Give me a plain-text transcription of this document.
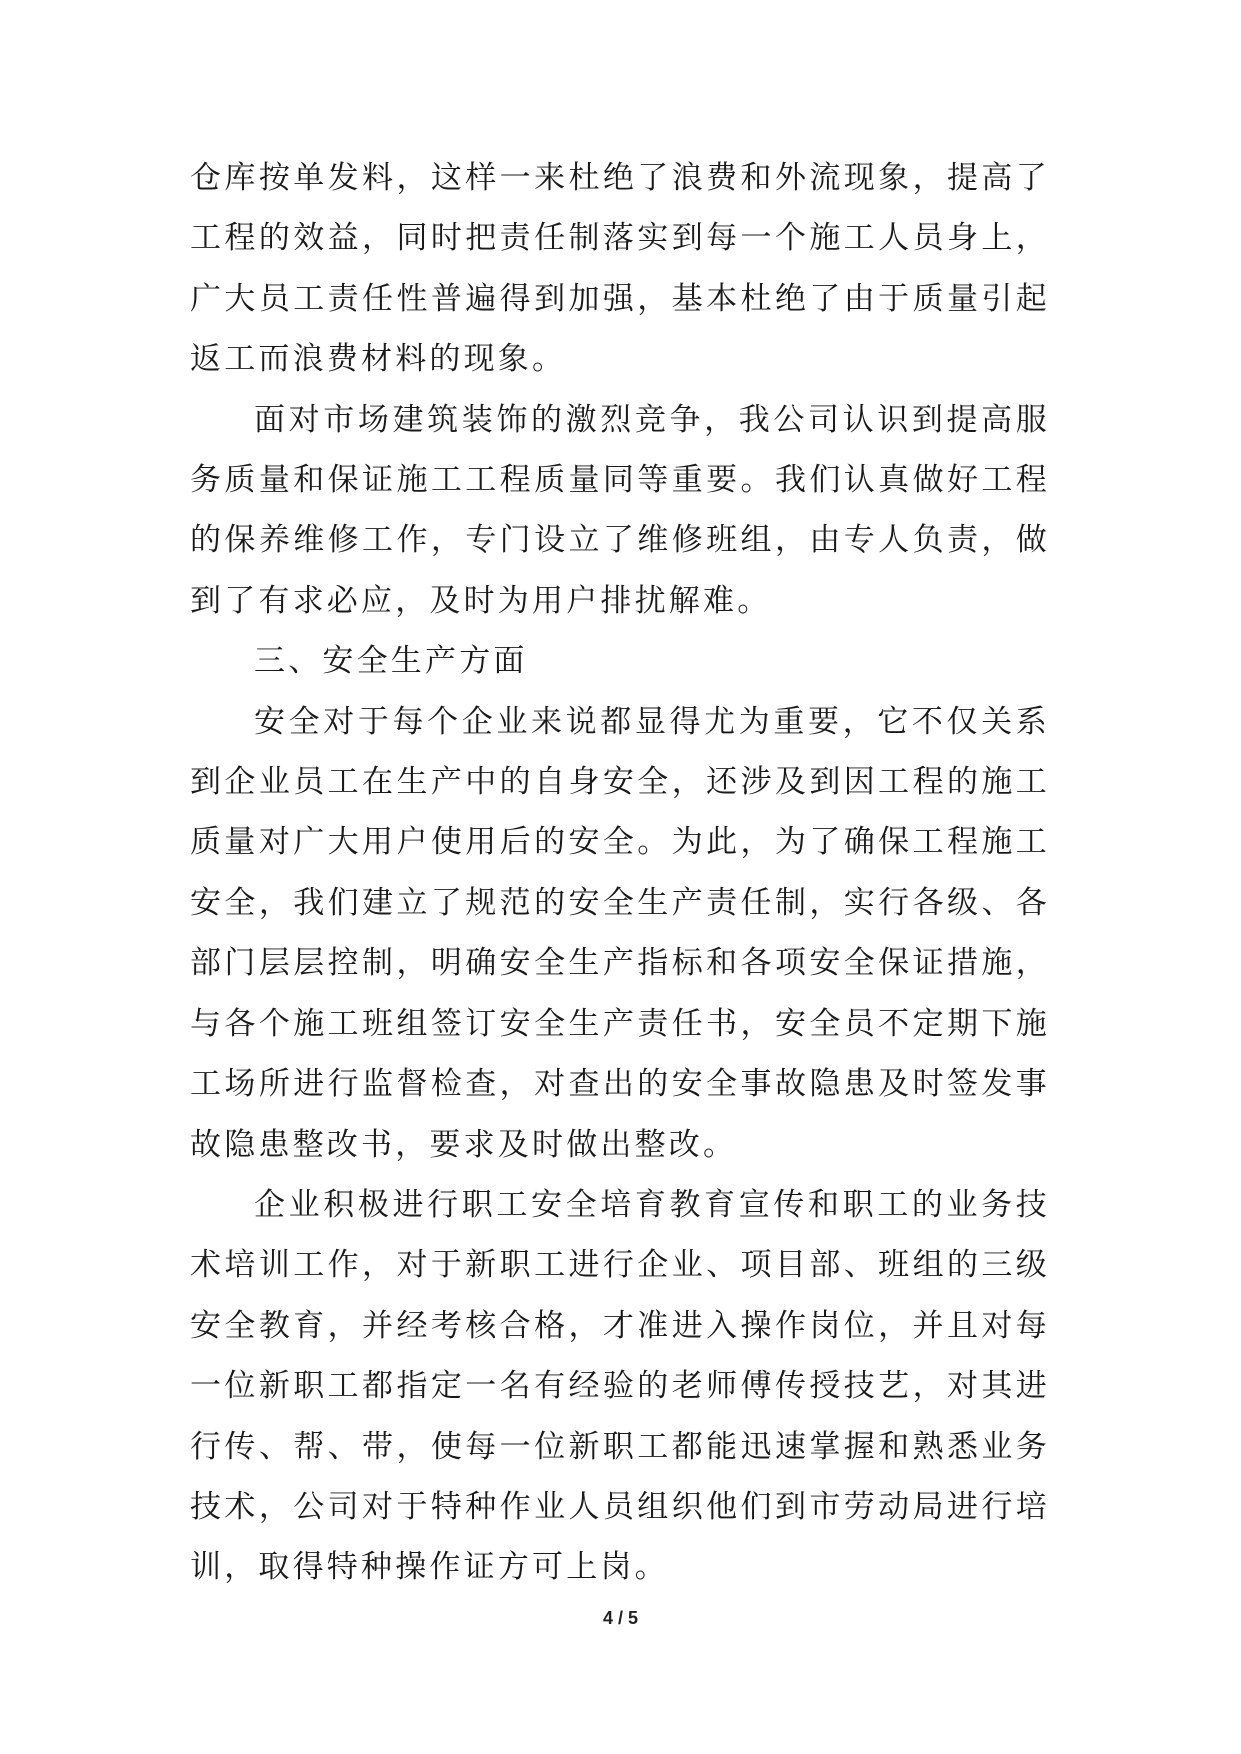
仓库按单发料，这样一来杜绝了浪费和外流现象，提高了工程的效益，同时把责任制落实到每一个施工人员身上，广大员工责任性普遍得到加强，基本杜绝了由于质量引起返工而浪费材料的现象。

面对市场建筑装饰的激烈竞争，我公司认识到提高服务质量和保证施工工程质量同等重要。我们认真做好工程的保养维修工作，专门设立了维修班组，由专人负责，做到了有求必应，及时为用户排扰解难。

三、安全生产方面

安全对于每个企业来说都显得尤为重要，它不仅关系到企业员工在生产中的自身安全，还涉及到因工程的施工质量对广大用户使用后的安全。为此，为了确保工程施工安全，我们建立了规范的安全生产责任制，实行各级、各部门层层控制，明确安全生产指标和各项安全保证措施，与各个施工班组签订安全生产责任书，安全员不定期下施工场所进行监督检查，对查出的安全事故隐患及时签发事故隐患整改书，要求及时做出整改。

企业积极进行职工安全培育教育宣传和职工的业务技术培训工作，对于新职工进行企业、项目部、班组的三级安全教育，并经考核合格，才准进入操作岗位，并且对每一位新职工都指定一名有经验的老师傅传授技艺，对其进行传、帮、带，使每一位新职工都能迅速掌握和熟悉业务技术，公司对于特种作业人员组织他们到市劳动局进行培训，取得特种操作证方可上岗。

4 / 5
